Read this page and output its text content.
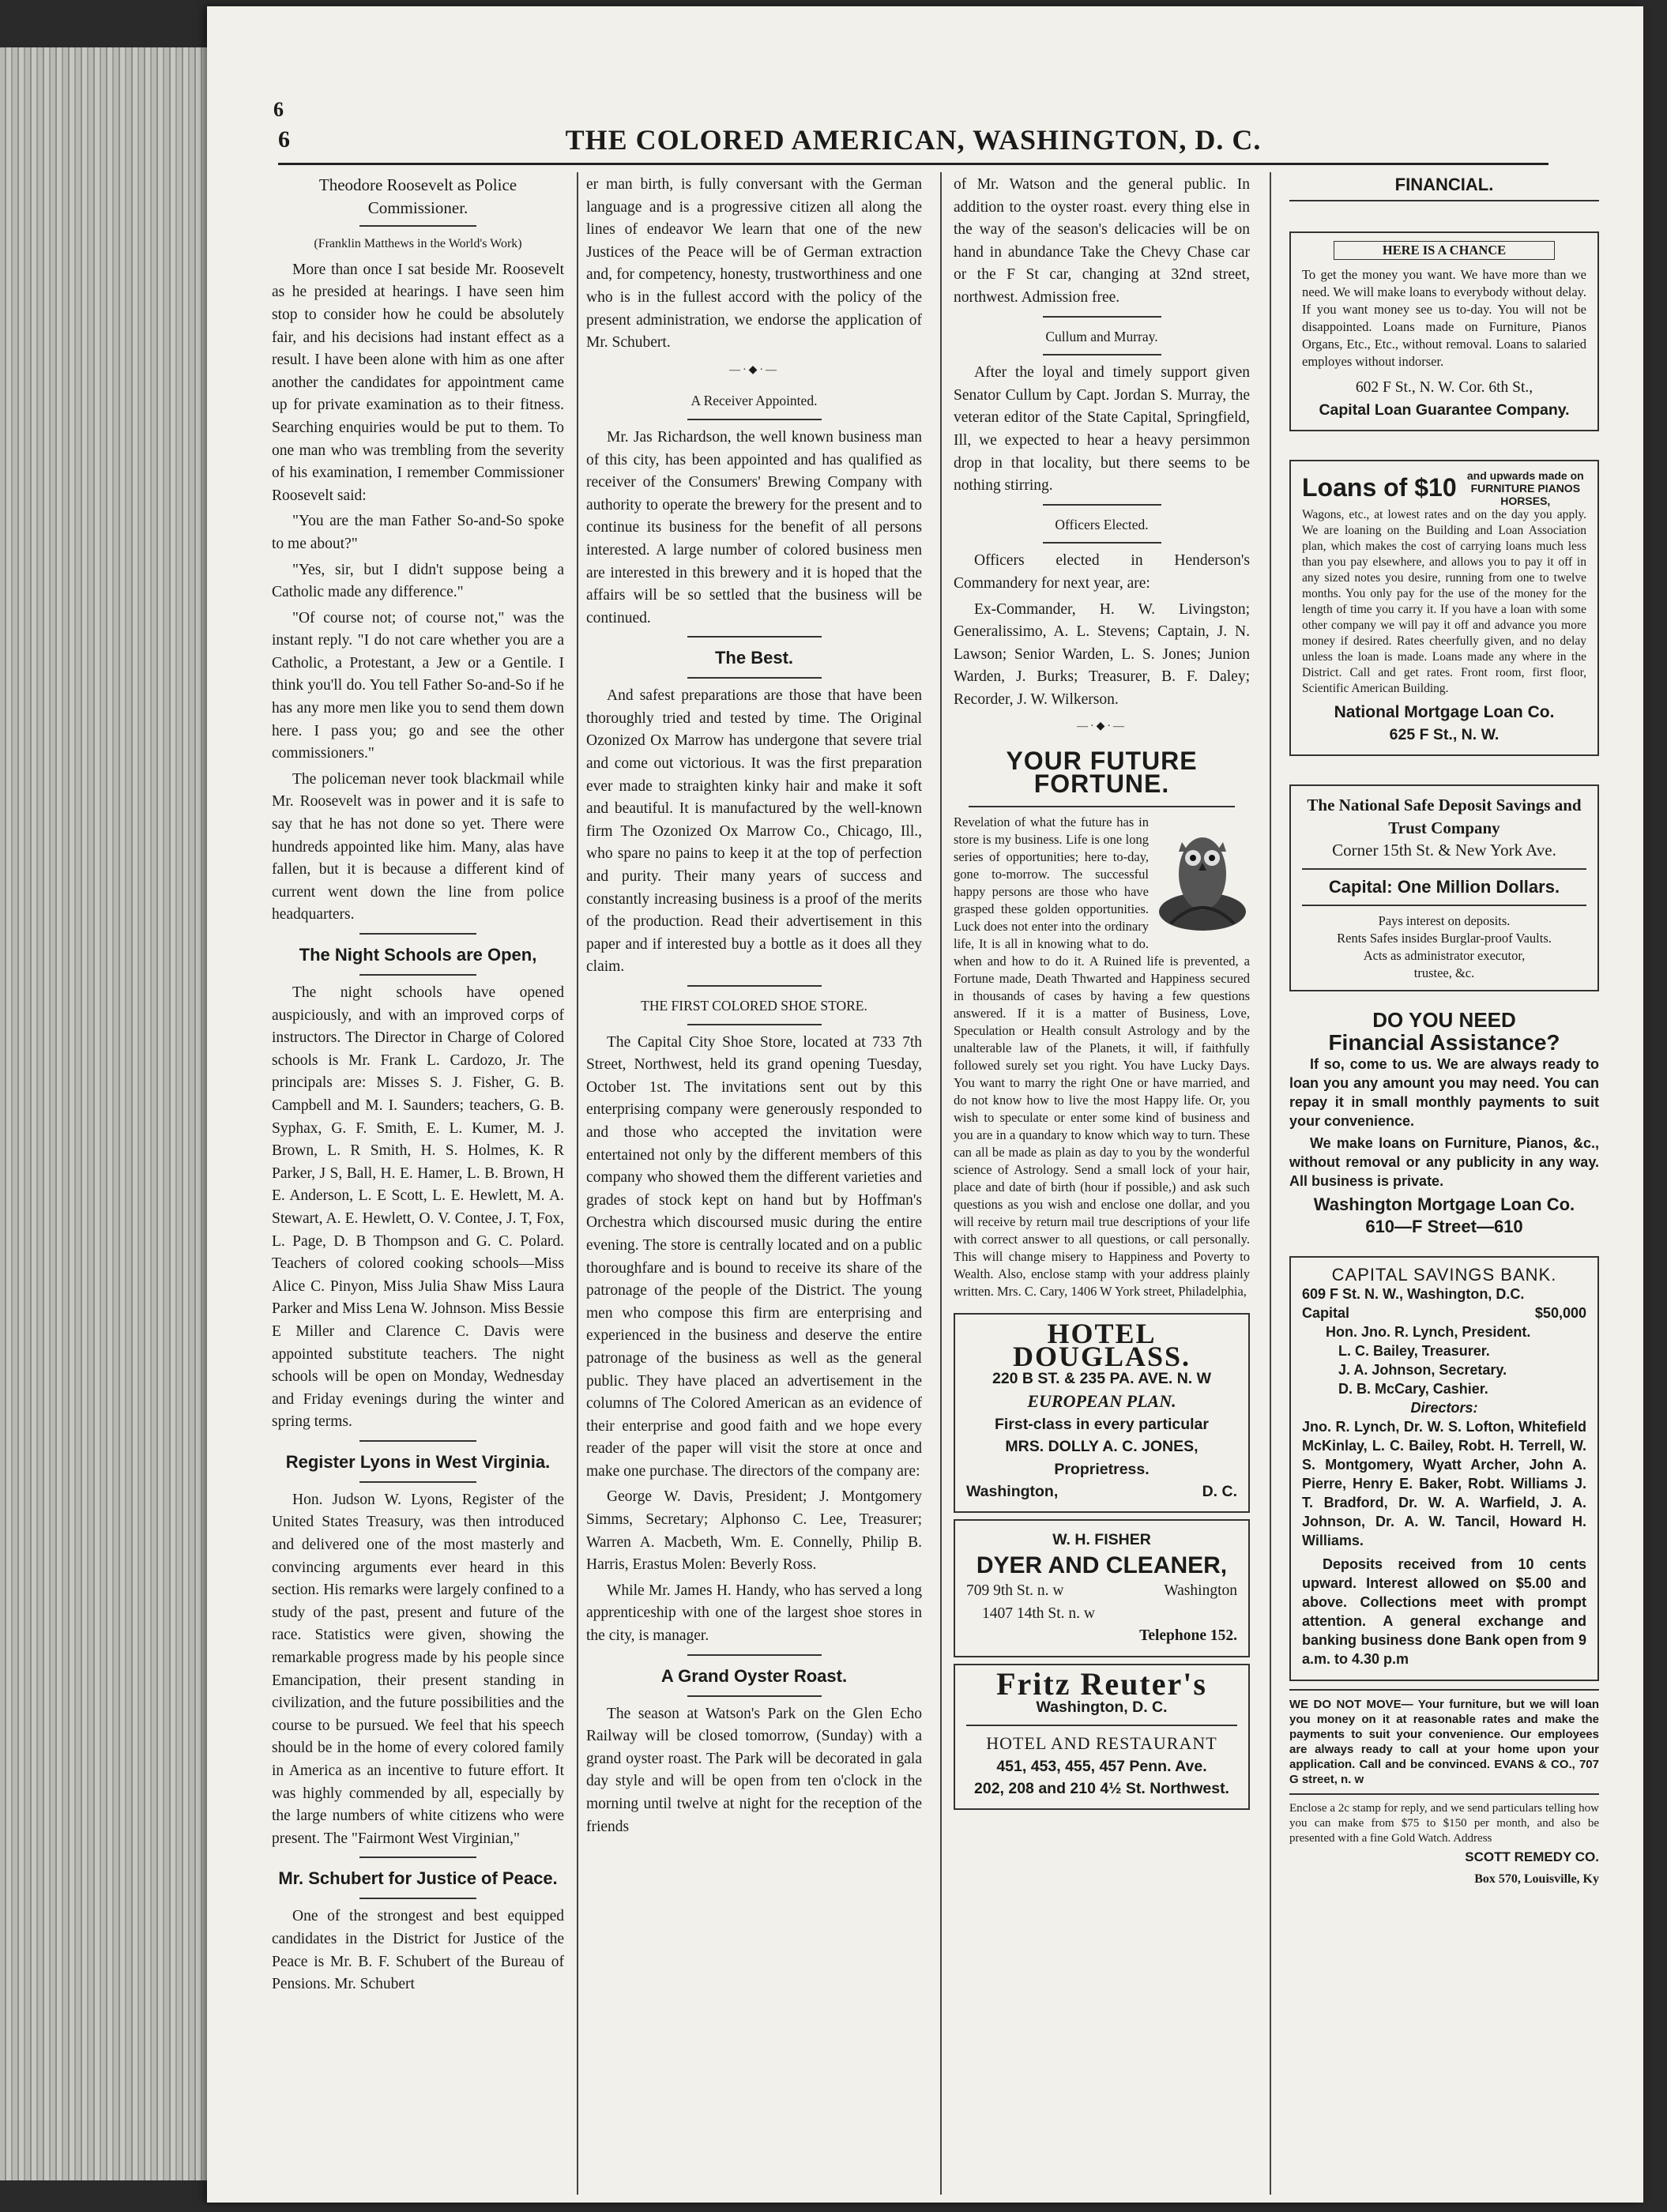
6
6	THE COLORED AMERICAN, WASHINGTON, D. C.
Theodore Roosevelt as Police Commissioner.
(Franklin Matthews in the World's Work)

More than once I sat beside Mr. Roosevelt as he presided at hearings. I have seen him stop to consider how he could be absolutely fair, and his decisions had instant effect as a result. I have been alone with him as one after another the candidates for appointment came up for private examination as to their fitness. Searching enquiries would be put to them. To one man who was trembling from the severity of his examination, I remember Commissioner Roosevelt said:

"You are the man Father So-and-So spoke to me about?"

"Yes, sir, but I didn't suppose being a Catholic made any difference."

"Of course not; of course not," was the instant reply. "I do not care whether you are a Catholic, a Protestant, a Jew or a Gentile. I think you'll do. You tell Father So-and-So if he has any more men like you to send them down here. I pass you; go and see the other commissioners."

The policeman never took blackmail while Mr. Roosevelt was in power and it is safe to say that he has not done so yet. There were hundreds appointed like him. Many, alas have fallen, but it is because a different kind of current went down the line from police headquarters.

The Night Schools are Open,

The night schools have opened auspiciously, and with an improved corps of instructors. The Director in Charge of Colored schools is Mr. Frank L. Cardozo, Jr. The principals are: Misses S. J. Fisher, G. B. Campbell and M. I. Saunders; teachers, G. B. Syphax, G. F. Smith, E. L. Kumer, M. J. Brown, L. R Smith, H. S. Holmes, K. R Parker, J S, Ball, H. E. Hamer, L. B. Brown, H E. Anderson, L. E Scott, L. E. Hewlett, M. A. Stewart, A. E. Hewlett, O. V. Contee, J. T, Fox, L. Page, D. B Thompson and G. C. Polard. Teachers of colored cooking schools—Miss Alice C. Pinyon, Miss Julia Shaw Miss Laura Parker and Miss Lena W. Johnson. Miss Bessie E Miller and Clarence C. Davis were appointed substitute teachers. The night schools will be open on Monday, Wednesday and Friday evenings during the winter and spring terms.

Register Lyons in West Virginia.

Hon. Judson W. Lyons, Register of the United States Treasury, was then introduced and delivered one of the most masterly and convincing arguments ever heard in this section. His remarks were largely confined to a study of the past, present and future of the race. Statistics were given, showing the remarkable progress made by his people since Emancipation, their present standing in civilization, and the future possibilities and the course to be pursued. We feel that his speech should be in the home of every colored family in America as an incentive to future effort. It was highly commended by all, especially by the large numbers of white citizens who were present. The "Fairmont West Virginian,"

Mr. Schubert for Justice of Peace.

One of the strongest and best equipped candidates in the District for Justice of the Peace is Mr. B. F. Schubert of the Bureau of Pensions. Mr. Schubert

er man birth, is fully conversant with the German language and is a progressive citizen all along the lines of endeavor We learn that one of the new Justices of the Peace will be of German extraction and, for competency, honesty, trustworthiness and one who is in the fullest accord with the policy of the present administration, we endorse the application of Mr. Schubert.

—·◆·—
A Receiver Appointed.

Mr. Jas Richardson, the well known business man of this city, has been appointed and has qualified as receiver of the Consumers' Brewing Company with authority to operate the brewery for the present and to continue its business for the benefit of all persons interested. A large number of colored business men are interested in this brewery and it is hoped that the affairs will be so settled that the business will be continued.

The Best.

And safest preparations are those that have been thoroughly tried and tested by time. The Original Ozonized Ox Marrow has undergone that severe trial and come out victorious. It was the first preparation ever made to straighten kinky hair and make it soft and beautiful. It is manufactured by the well-known firm The Ozonized Ox Marrow Co., Chicago, Ill., who spare no pains to keep it at the top of perfection and purity. Their many years of success and constantly increasing business is a proof of the merits of the production. Read their advertisement in this paper and if interested buy a bottle as it does all they claim.

THE FIRST COLORED SHOE STORE.

The Capital City Shoe Store, located at 733 7th Street, Northwest, held its grand opening Tuesday, October 1st. The invitations sent out by this enterprising company were generously responded to and those who accepted the invitation were entertained not only by the different members of this company who showed them the different varieties and grades of stock kept on hand but by Hoffman's Orchestra which discoursed music during the entire evening. The store is centrally located and on a public thoroughfare and is bound to receive its share of the patronage of the people of the District. The young men who compose this firm are enterprising and experienced in the business and deserve the entire patronage of the business as well as the general public. They have placed an advertisement in the columns of The Colored American as an evidence of their enterprise and good faith and we hope every reader of the paper will visit the store at once and make one purchase. The directors of the company are:

George W. Davis, President; J. Montgomery Simms, Secretary; Alphonso C. Lee, Treasurer; Warren A. Macbeth, Wm. E. Connelly, Philip B. Harris, Erastus Molen: Beverly Ross.

While Mr. James H. Handy, who has served a long apprenticeship with one of the largest shoe stores in the city, is manager.

A Grand Oyster Roast.

The season at Watson's Park on the Glen Echo Railway will be closed tomorrow, (Sunday) with a grand oyster roast. The Park will be decorated in gala day style and will be open from ten o'clock in the morning until twelve at night for the reception of the friends

of Mr. Watson and the general public. In addition to the oyster roast. every thing else in the way of the season's delicacies will be on hand in abundance Take the Chevy Chase car or the F St car, changing at 32nd street, northwest. Admission free.

Cullum and Murray.

After the loyal and timely support given Senator Cullum by Capt. Jordan S. Murray, the veteran editor of the State Capital, Springfield, Ill, we expected to hear a heavy persimmon drop in that locality, but there seems to be nothing stirring.

Officers Elected.

Officers elected in Henderson's Commandery for next year, are:

Ex-Commander, H. W. Livingston; Generalissimo, A. L. Stevens; Captain, J. N. Lawson; Senior Warden, L. S. Jones; Junion Warden, J. Burks; Treasurer, B. F. Daley; Recorder, J. W. Wilkerson.

—·◆·—
YOUR FUTURE FORTUNE.
Revelation of what the future has in store is my business. Life is one long series of opportunities; here to-day, gone to-morrow. The successful happy persons are those who have grasped these golden opportunities. Luck does not enter into the ordinary life, It is all in knowing what to do. when and how to do it. A Ruined life is prevented, a Fortune made, Death Thwarted and Happiness secured in thousands of cases by having a few questions answered. If it is a matter of Business, Love, Speculation or Health consult Astrology and by the unalterable law of the Planets, it will, if faithfully followed surely set you right. You have Lucky Days. You want to marry the right One or have married, and do not know how to live the most Happy life. Or, you wish to speculate or enter some kind of business and you are in a quandary to know which way to turn. These can all be made as plain as day to you by the wonderful science of Astrology. Send a small lock of your hair, place and date of birth (hour if possible,) and ask such questions as you wish and enclose one dollar, and you will receive by return mail true descriptions of your life with correct answer to all questions, or call personally. This will change misery to Happiness and Poverty to Wealth. Also, enclose stamp with your address plainly written. Mrs. C. Cary, 1406 W York street, Philadelphia,
HOTEL DOUGLASS.
220 B ST. & 235 PA. AVE. N. W
EUROPEAN PLAN.
First-class in every particular
MRS. DOLLY A. C. JONES,
Proprietress.
Washington,	D. C.
W. H. FISHER
DYER AND CLEANER,
709 9th St. n. w	Washington
1407 14th St. n. w
Telephone 152.
Fritz Reuter's
Washington, D. C.
HOTEL AND RESTAURANT
451, 453, 455, 457 Penn. Ave.
202, 208 and 210 4½ St. Northwest.
FINANCIAL.
HERE IS A CHANCE
To get the money you want. We have more than we need. We will make loans to everybody without delay. If you want money see us to-day. You will not be disappointed. Loans made on Furniture, Pianos Organs, Etc., Etc., without removal. Loans to salaried employes without indorser.
602 F St., N. W. Cor. 6th St.,
Capital Loan Guarantee Company.
Loans of $10 and upwards made on FURNITURE PIANOS HORSES,
Wagons, etc., at lowest rates and on the day you apply. We are loaning on the Building and Loan Association plan, which makes the cost of carrying loans much less than you pay elsewhere, and allows you to pay it off in any sized notes you desire, running from one to twelve months. You only pay for the use of the money for the length of time you carry it. If you have a loan with some other company we will pay it off and advance you more money if desired. Rates cheerfully given, and no delay unless the loan is made. Loans made any where in the District. Call and get rates. Front room, first floor, Scientific American Building.
National Mortgage Loan Co.
625 F St., N. W.
The National Safe Deposit Savings and Trust Company
Corner 15th St. & New York Ave.
Capital: One Million Dollars.
Pays interest on deposits.
Rents Safes insides Burglar-proof Vaults.
Acts as administrator executor,
trustee, &c.
DO YOU NEED
Financial Assistance?

If so, come to us. We are always ready to loan you any amount you may need. You can repay it in small monthly payments to suit your convenience.

We make loans on Furniture, Pianos, &c., without removal or any publicity in any way. All business is private.

Washington Mortgage Loan Co.
610—F Street—610
CAPITAL SAVINGS BANK.
609 F St. N. W., Washington, D.C.
Capital	$50,000
Hon. Jno. R. Lynch, President.
L. C. Bailey, Treasurer.
J. A. Johnson, Secretary.
D. B. McCary, Cashier.
Directors:
Jno. R. Lynch, Dr. W. S. Lofton, Whitefield McKinlay, L. C. Bailey, Robt. H. Terrell, W. S. Montgomery, Wyatt Archer, John A. Pierre, Henry E. Baker, Robt. Williams J. T. Bradford, Dr. W. A. Warfield, J. A. Johnson, Dr. A. W. Tancil, Howard H. Williams.

Deposits received from 10 cents upward. Interest allowed on $5.00 and above. Collections meet with prompt attention. A general exchange and banking business done Bank open from 9 a.m. to 4.30 p.m

WE DO NOT MOVE— Your furniture, but we will loan you money on it at reasonable rates and make the payments to suit your convenience. Our employees are always ready to call at your home upon your application. Call and be convinced. EVANS & CO., 707 G street, n. w
Enclose a 2c stamp for reply, and we send particulars telling how you can make from $75 to $150 per month, and also be presented with a fine Gold Watch. Address
SCOTT REMEDY CO.
Box 570, Louisville, Ky
